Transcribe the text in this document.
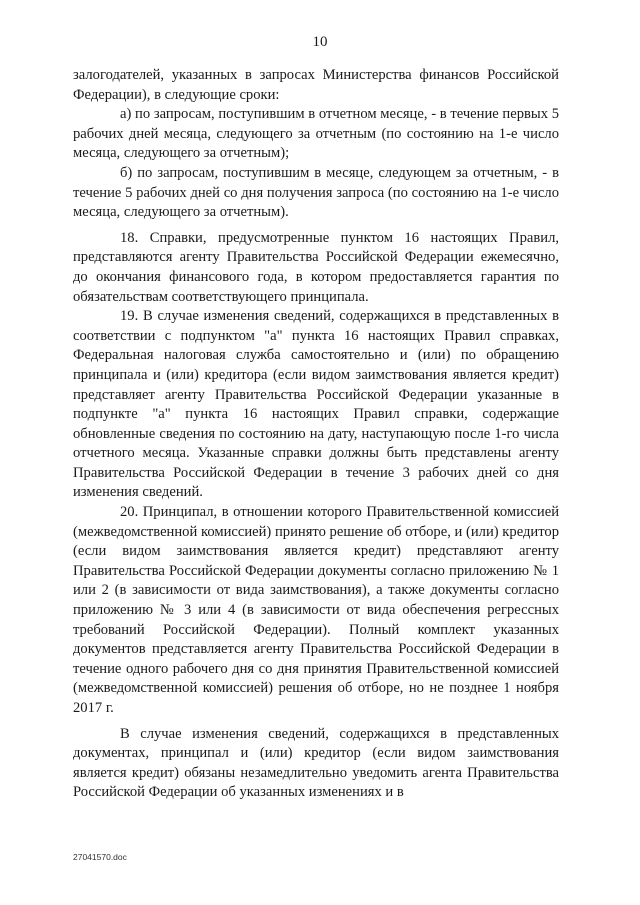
10

залогодателей, указанных в запросах Министерства финансов Российской Федерации), в следующие сроки:

а) по запросам, поступившим в отчетном месяце, - в течение первых 5 рабочих дней месяца, следующего за отчетным (по состоянию на 1-е число месяца, следующего за отчетным);

б) по запросам, поступившим в месяце, следующем за отчетным, - в течение 5 рабочих дней со дня получения запроса (по состоянию на 1-е число месяца, следующего за отчетным).

18. Справки, предусмотренные пунктом 16 настоящих Правил, представляются агенту Правительства Российской Федерации ежемесячно, до окончания финансового года, в котором предоставляется гарантия по обязательствам соответствующего принципала.

19. В случае изменения сведений, содержащихся в представленных в соответствии с подпунктом "а" пункта 16 настоящих Правил справках, Федеральная налоговая служба самостоятельно и (или) по обращению принципала и (или) кредитора (если видом заимствования является кредит) представляет агенту Правительства Российской Федерации указанные в подпункте "а" пункта 16 настоящих Правил справки, содержащие обновленные сведения по состоянию на дату, наступающую после 1-го числа отчетного месяца. Указанные справки должны быть представлены агенту Правительства Российской Федерации в течение 3 рабочих дней со дня изменения сведений.

20. Принципал, в отношении которого Правительственной комиссией (межведомственной комиссией) принято решение об отборе, и (или) кредитор (если видом заимствования является кредит) представляют агенту Правительства Российской Федерации документы согласно приложению № 1 или 2 (в зависимости от вида заимствования), а также документы согласно приложению № 3 или 4 (в зависимости от вида обеспечения регрессных требований Российской Федерации). Полный комплект указанных документов представляется агенту Правительства Российской Федерации в течение одного рабочего дня со дня принятия Правительственной комиссией (межведомственной комиссией) решения об отборе, но не позднее 1 ноября 2017 г.

В случае изменения сведений, содержащихся в представленных документах, принципал и (или) кредитор (если видом заимствования является кредит) обязаны незамедлительно уведомить агента Правительства Российской Федерации об указанных изменениях и в

27041570.doc
